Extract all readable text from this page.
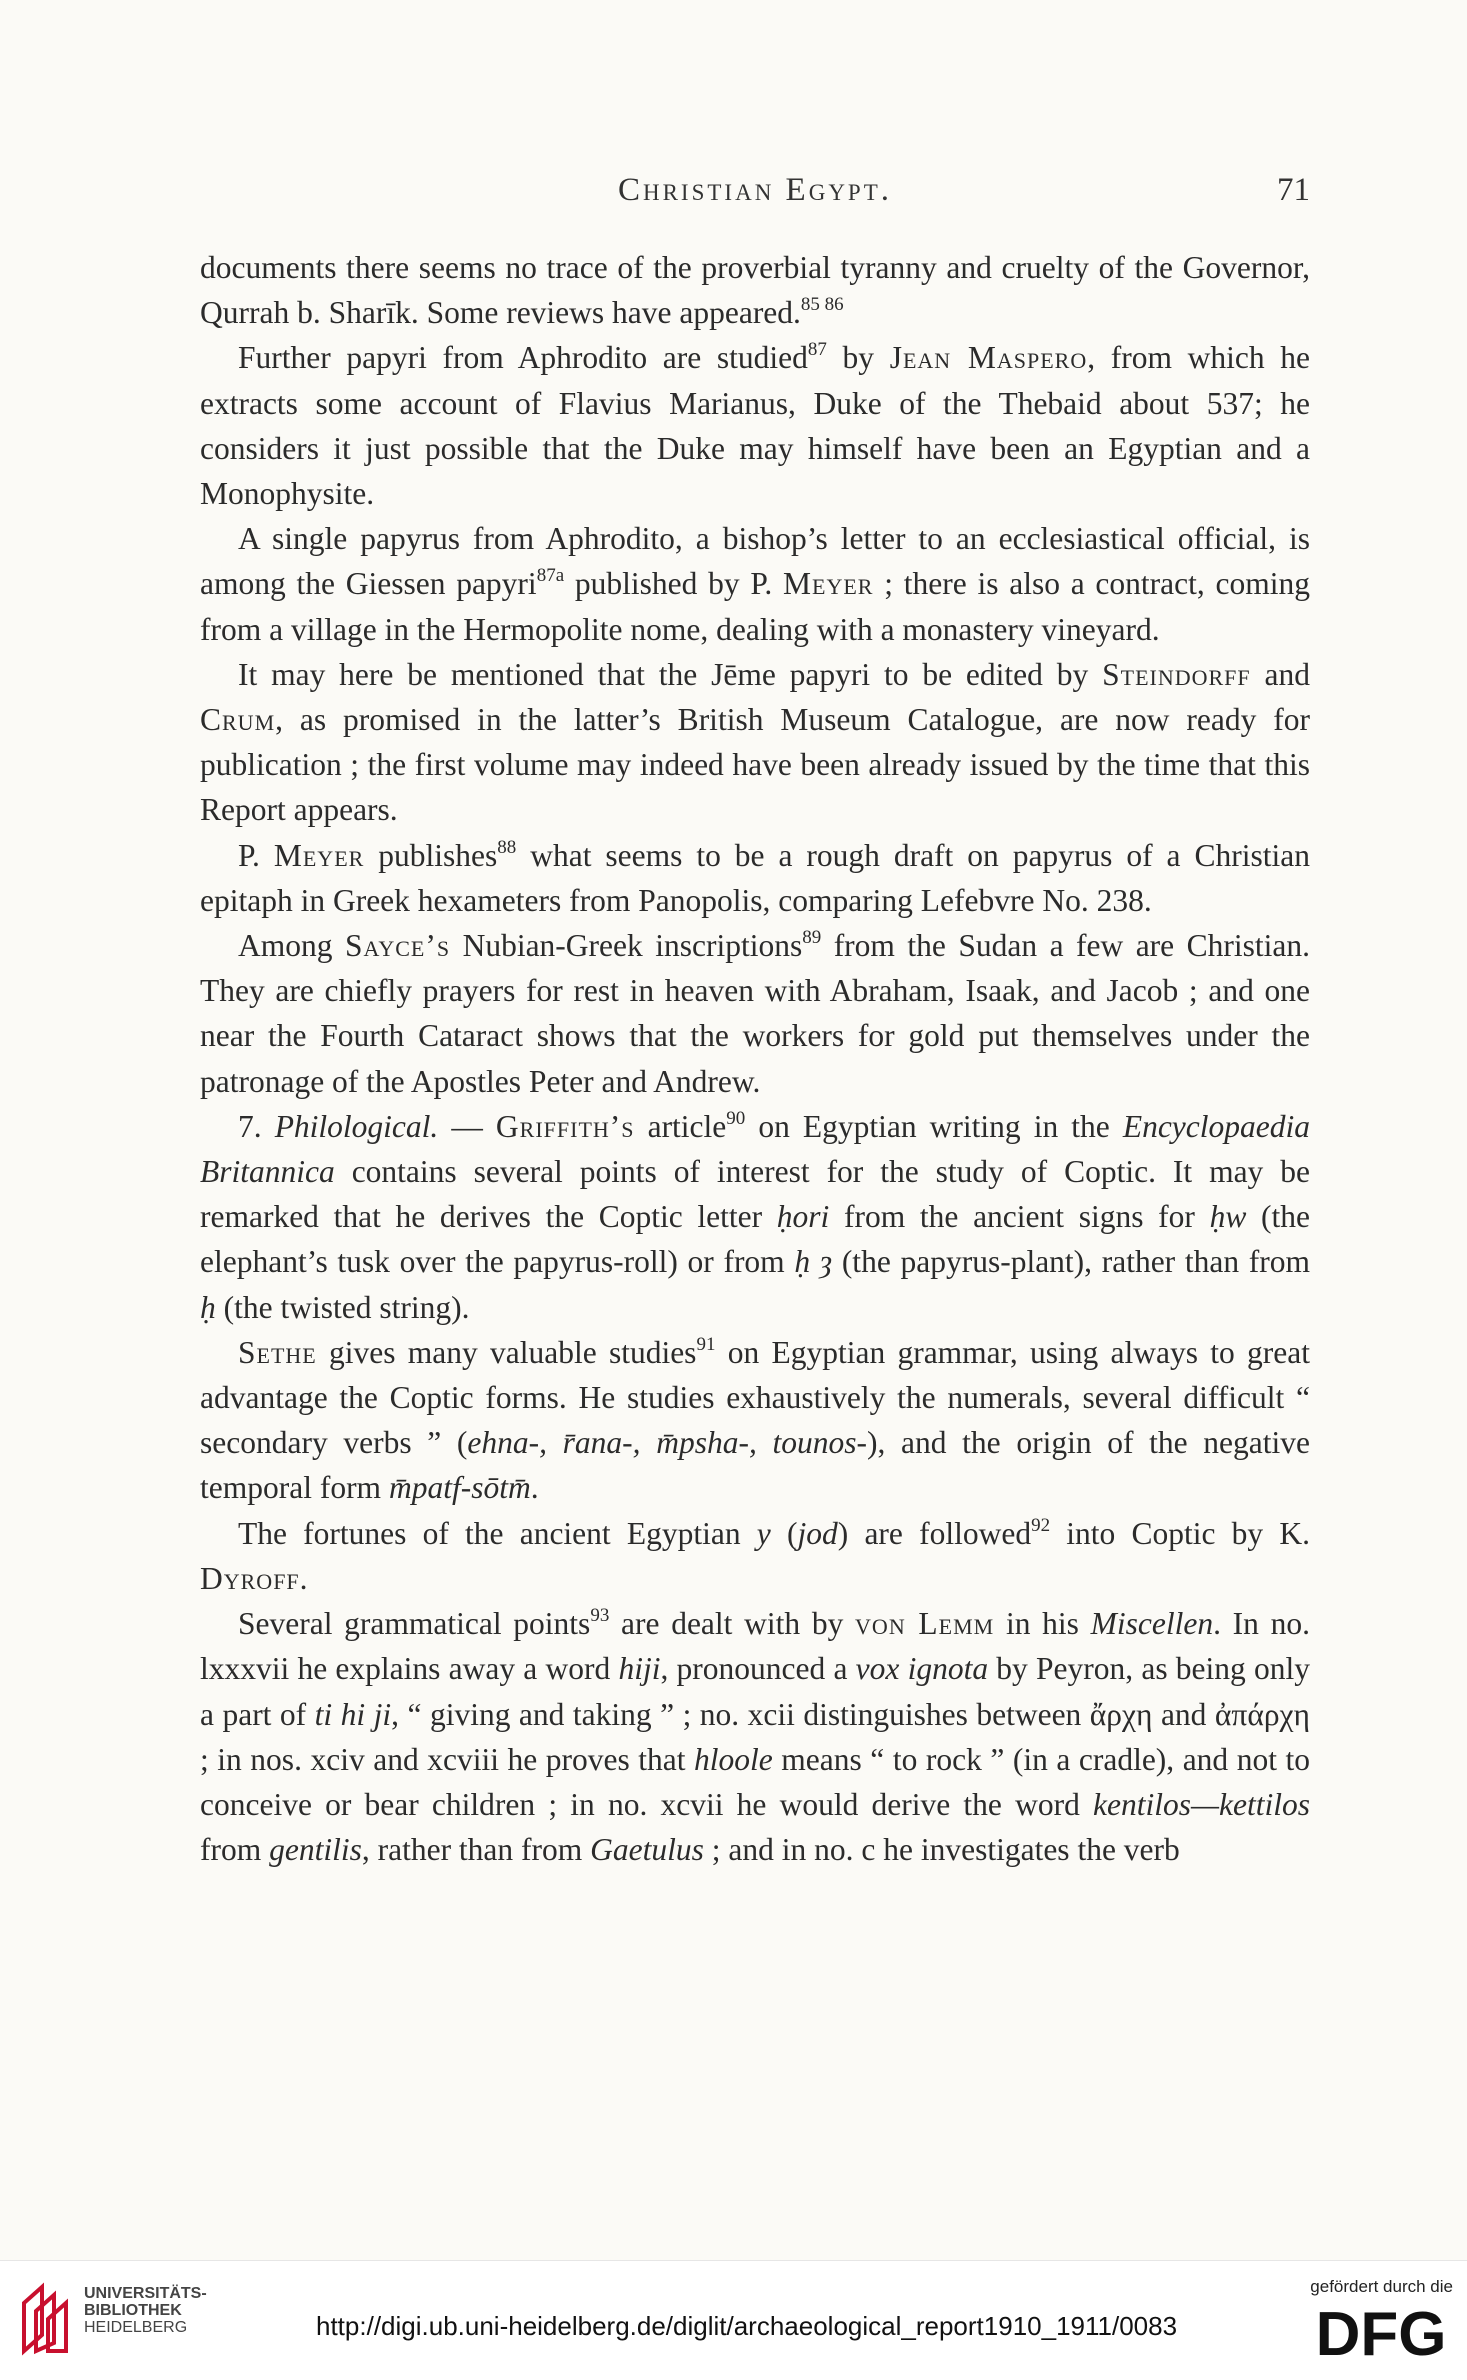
Christian Egypt.	71

documents there seems no trace of the proverbial tyranny and cruelty of the Governor, Qurrah b. Sharīk. Some reviews have appeared.$^{85 86}$

Further papyri from Aphrodito are studied$^{87}$ by Jean Maspero, from which he extracts some account of Flavius Marianus, Duke of the Thebaid about 537; he considers it just possible that the Duke may himself have been an Egyptian and a Monophysite.

A single papyrus from Aphrodito, a bishop’s letter to an ecclesiastical official, is among the Giessen papyri$^{87a}$ published by P. Meyer ; there is also a contract, coming from a village in the Hermopolite nome, dealing with a monastery vineyard.

It may here be mentioned that the Jēme papyri to be edited by Steindorff and Crum, as promised in the latter’s British Museum Catalogue, are now ready for publication ; the first volume may indeed have been already issued by the time that this Report appears.

P. Meyer publishes$^{88}$ what seems to be a rough draft on papyrus of a Christian epitaph in Greek hexameters from Panopolis, comparing Lefebvre No. 238.

Among Sayce’s Nubian-Greek inscriptions$^{89}$ from the Sudan a few are Christian. They are chiefly prayers for rest in heaven with Abraham, Isaak, and Jacob ; and one near the Fourth Cataract shows that the workers for gold put themselves under the patronage of the Apostles Peter and Andrew.

7. Philological. — Griffith’s article$^{90}$ on Egyptian writing in the Encyclopaedia Britannica contains several points of interest for the study of Coptic. It may be remarked that he derives the Coptic letter ḥori from the ancient signs for ḥw (the elephant’s tusk over the papyrus-roll) or from ḥ ȝ (the papyrus-plant), rather than from ḥ (the twisted string).

Sethe gives many valuable studies$^{91}$ on Egyptian grammar, using always to great advantage the Coptic forms. He studies exhaustively the numerals, several difficult “ secondary verbs ” (ehna-, r̄ana-, m̄psha-, tounos-), and the origin of the negative temporal form m̄patf-sōtm̄.

The fortunes of the ancient Egyptian y (jod) are followed$^{92}$ into Coptic by K. Dyroff.

Several grammatical points$^{93}$ are dealt with by von Lemm in his Miscellen. In no. lxxxvii he explains away a word hiji, pronounced a vox ignota by Peyron, as being only a part of ti hi ji, “ giving and taking ” ; no. xcii distinguishes between ἄρχη and ἀπάρχη ; in nos. xciv and xcviii he proves that hloole means “ to rock ” (in a cradle), and not to conceive or bear children ; in no. xcvii he would derive the word kentilos—kettilos from gentilis, rather than from Gaetulus ; and in no. c he investigates the verb

UNIVERSITÄTS-
BIBLIOTHEK
HEIDELBERG	http://digi.ub.uni-heidelberg.de/diglit/archaeological_report1910_1911/0083
gefördert durch die
DFG
